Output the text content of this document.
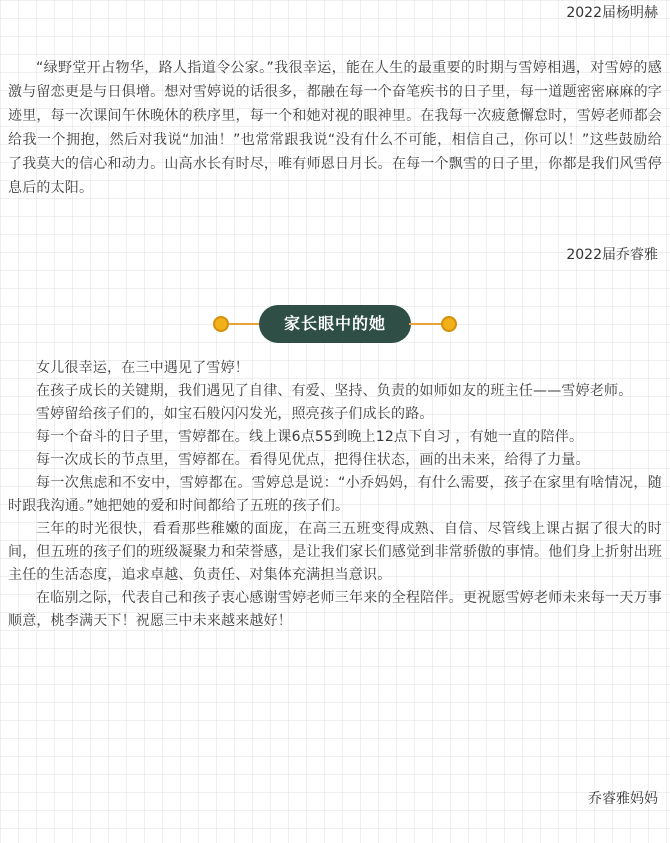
2022届杨明赫

“绿野堂开占物华，路人指道令公家。”我很幸运，能在人生的最重要的时期与雪婷相遇，对雪婷的感激与留恋更是与日俱增。想对雪婷说的话很多，都融在每一个奋笔疾书的日子里，每一道题密密麻麻的字迹里，每一次课间午休晚休的秩序里，每一个和她对视的眼神里。在我每一次疲惫懈怠时，雪婷老师都会给我一个拥抱，然后对我说“加油！”也常常跟我说“没有什么不可能，相信自己，你可以！”这些鼓励给了我莫大的信心和动力。山高水长有时尽，唯有师恩日月长。在每一个飘雪的日子里，你都是我们风雪停息后的太阳。

2022届乔睿雅
家长眼中的她

女儿很幸运，在三中遇见了雪婷！

在孩子成长的关键期，我们遇见了自律、有爱、坚持、负责的如师如友的班主任——雪婷老师。

雪婷留给孩子们的，如宝石般闪闪发光，照亮孩子们成长的路。

每一个奋斗的日子里，雪婷都在。线上课6点55到晚上12点下自习 ，有她一直的陪伴。

每一次成长的节点里，雪婷都在。看得见优点，把得住状态，画的出未来，给得了力量。

每一次焦虑和不安中，雪婷都在。雪婷总是说：“小乔妈妈，有什么需要，孩子在家里有啥情况，随时跟我沟通。”她把她的爱和时间都给了五班的孩子们。

三年的时光很快，看看那些稚嫩的面庞，在高三五班变得成熟、自信、尽管线上课占据了很大的时间，但五班的孩子们的班级凝聚力和荣誉感，是让我们家长们感觉到非常骄傲的事情。他们身上折射出班主任的生活态度，追求卓越、负责任、对集体充满担当意识。

在临别之际，代表自己和孩子衷心感谢雪婷老师三年来的全程陪伴。更祝愿雪婷老师未来每一天万事顺意，桃李满天下！祝愿三中未来越来越好！

乔睿雅妈妈
